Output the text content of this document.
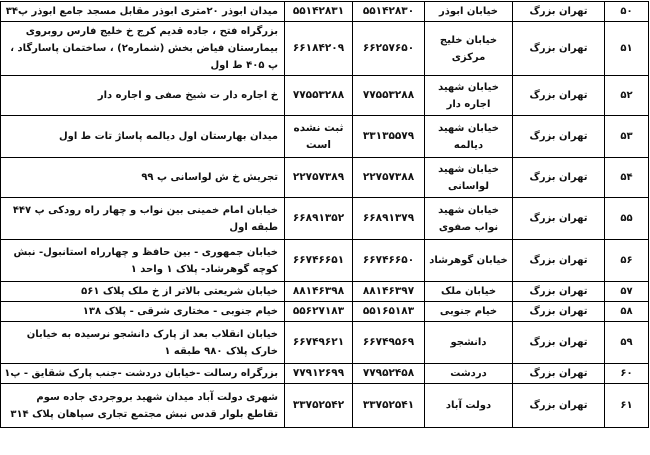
۵۰	تهران بزرگ	خیابان ابوذر	۵۵۱۴۲۸۳۰	۵۵۱۴۲۸۳۱	میدان ابوذر ۲۰متری ابوذر مقابل مسجد جامع ابوذر پ۳۴
۵۱	تهران بزرگ	خیابان خلیج مرکزی	۶۶۲۵۷۶۵۰	۶۶۱۸۴۲۰۹	بزرگراه فتح ، جاده قدیم کرج خ خلیج فارس روبروی بیمارستان فیاض بخش (شماره۲) ، ساختمان پاسارگاد ، پ ۴۰۵ ط اول
۵۲	تهران بزرگ	خیابان شهید اجاره دار	۷۷۵۵۳۲۸۸	۷۷۵۵۳۲۸۸	خ اجاره دار ت شیخ صفی و اجاره دار
۵۳	تهران بزرگ	خیابان شهید دیالمه	۳۳۱۳۵۵۷۹	ثبت نشده است	میدان بهارستان اول دیالمه پاساژ تات ط اول
۵۴	تهران بزرگ	خیابان شهید لواسانی	۲۲۷۵۷۳۸۸	۲۲۷۵۷۳۸۹	تجریش خ ش لواسانی پ ۹۹
۵۵	تهران بزرگ	خیابان شهید نواب صفوی	۶۶۸۹۱۳۷۹	۶۶۸۹۱۳۵۲	خیابان امام خمینی بین نواب و چهار راه رودکی پ ۴۴۷ طبقه اول
۵۶	تهران بزرگ	خیابان گوهرشاد	۶۶۷۴۶۶۵۰	۶۶۷۴۶۶۵۱	خیابان جمهوری - بین حافظ و چهارراه استانبول- نبش کوچه گوهرشاد- پلاک ۱ واحد ۱
۵۷	تهران بزرگ	خیابان ملک	۸۸۱۴۶۳۹۷	۸۸۱۴۶۳۹۸	خیابان شریعتی بالاتر از خ ملک پلاک ۵۶۱
۵۸	تهران بزرگ	خیام جنوبی	۵۵۱۶۵۱۸۳	۵۵۶۲۷۱۸۳	خیام جنوبی - مختاری شرقی - پلاک ۱۳۸
۵۹	تهران بزرگ	دانشجو	۶۶۷۴۹۵۶۹	۶۶۷۴۹۶۲۱	خیابان انقلاب بعد از پارک دانشجو نرسیده به خیابان خارک پلاک ۹۸۰ طبقه ۱
۶۰	تهران بزرگ	دردشت	۷۷۹۵۲۴۵۸	۷۷۹۱۲۶۹۹	بزرگراه رسالت -خیابان دردشت -جنب پارک شقایق - پ۱
۶۱	تهران بزرگ	دولت آباد	۳۳۷۵۲۵۴۱	۳۳۷۵۲۵۴۲	شهری دولت آباد میدان شهید بروجردی جاده سوم تقاطع بلوار قدس نبش مجتمع تجاری سپاهان پلاک ۳۱۴
